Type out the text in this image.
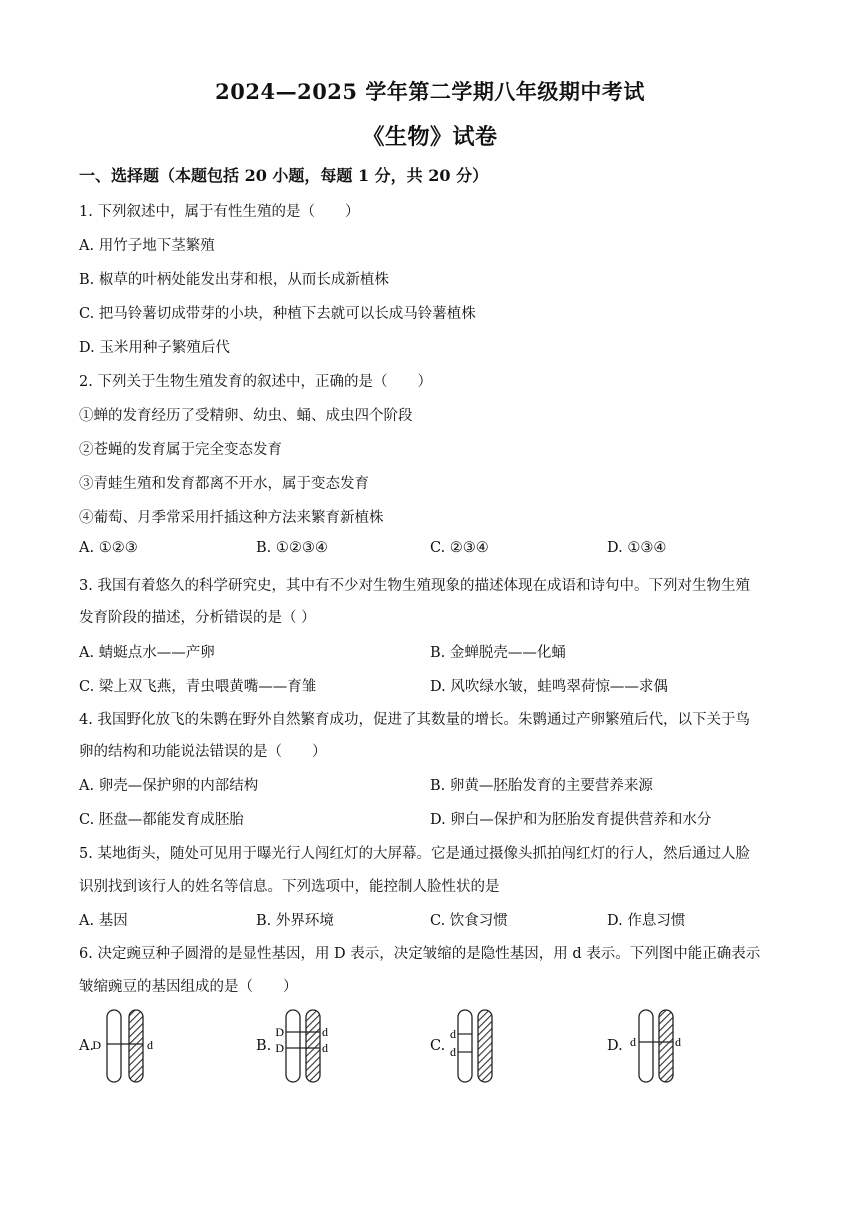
2024—2025 学年第二学期八年级期中考试
《生物》试卷
一、选择题（本题包括 20 小题，每题 1 分，共 20 分）
1. 下列叙述中，属于有性生殖的是（ ）
A. 用竹子地下茎繁殖
B. 椒草的叶柄处能发出芽和根，从而长成新植株
C. 把马铃薯切成带芽的小块，种植下去就可以长成马铃薯植株
D. 玉米用种子繁殖后代
2. 下列关于生物生殖发育的叙述中，正确的是（ ）
①蝉的发育经历了受精卵、幼虫、蛹、成虫四个阶段
②苍蝇的发育属于完全变态发育
③青蛙生殖和发育都离不开水，属于变态发育
④葡萄、月季常采用扦插这种方法来繁育新植株
A. ①②③	B. ①②③④	C. ②③④	D. ①③④
3. 我国有着悠久的科学研究史，其中有不少对生物生殖现象的描述体现在成语和诗句中。下列对生物生殖
发育阶段的描述，分析错误的是（ ）
A. 蜻蜓点水——产卵	B. 金蝉脱壳——化蛹
C. 梁上双飞燕，青虫喂黄嘴——育雏	D. 风吹绿水皱，蛙鸣翠荷惊——求偶
4. 我国野化放飞的朱鹮在野外自然繁育成功，促进了其数量的增长。朱鹮通过产卵繁殖后代，以下关于鸟
卵的结构和功能说法错误的是（ ）
A. 卵壳—保护卵的内部结构	B. 卵黄—胚胎发育的主要营养来源
C. 胚盘—都能发育成胚胎	D. 卵白—保护和为胚胎发育提供营养和水分
5. 某地街头，随处可见用于曝光行人闯红灯的大屏幕。它是通过摄像头抓拍闯红灯的行人，然后通过人脸
识别找到该行人的姓名等信息。下列选项中，能控制人脸性状的是
A. 基因	B. 外界环境	C. 饮食习惯	D. 作息习惯
6. 决定豌豆种子圆滑的是显性基因，用 D 表示，决定皱缩的是隐性基因，用 d 表示。下列图中能正确表示
皱缩豌豆的基因组成的是（ ）
A.
D	d	B.
D
D
d
d	C.
d
d	D. d	d
